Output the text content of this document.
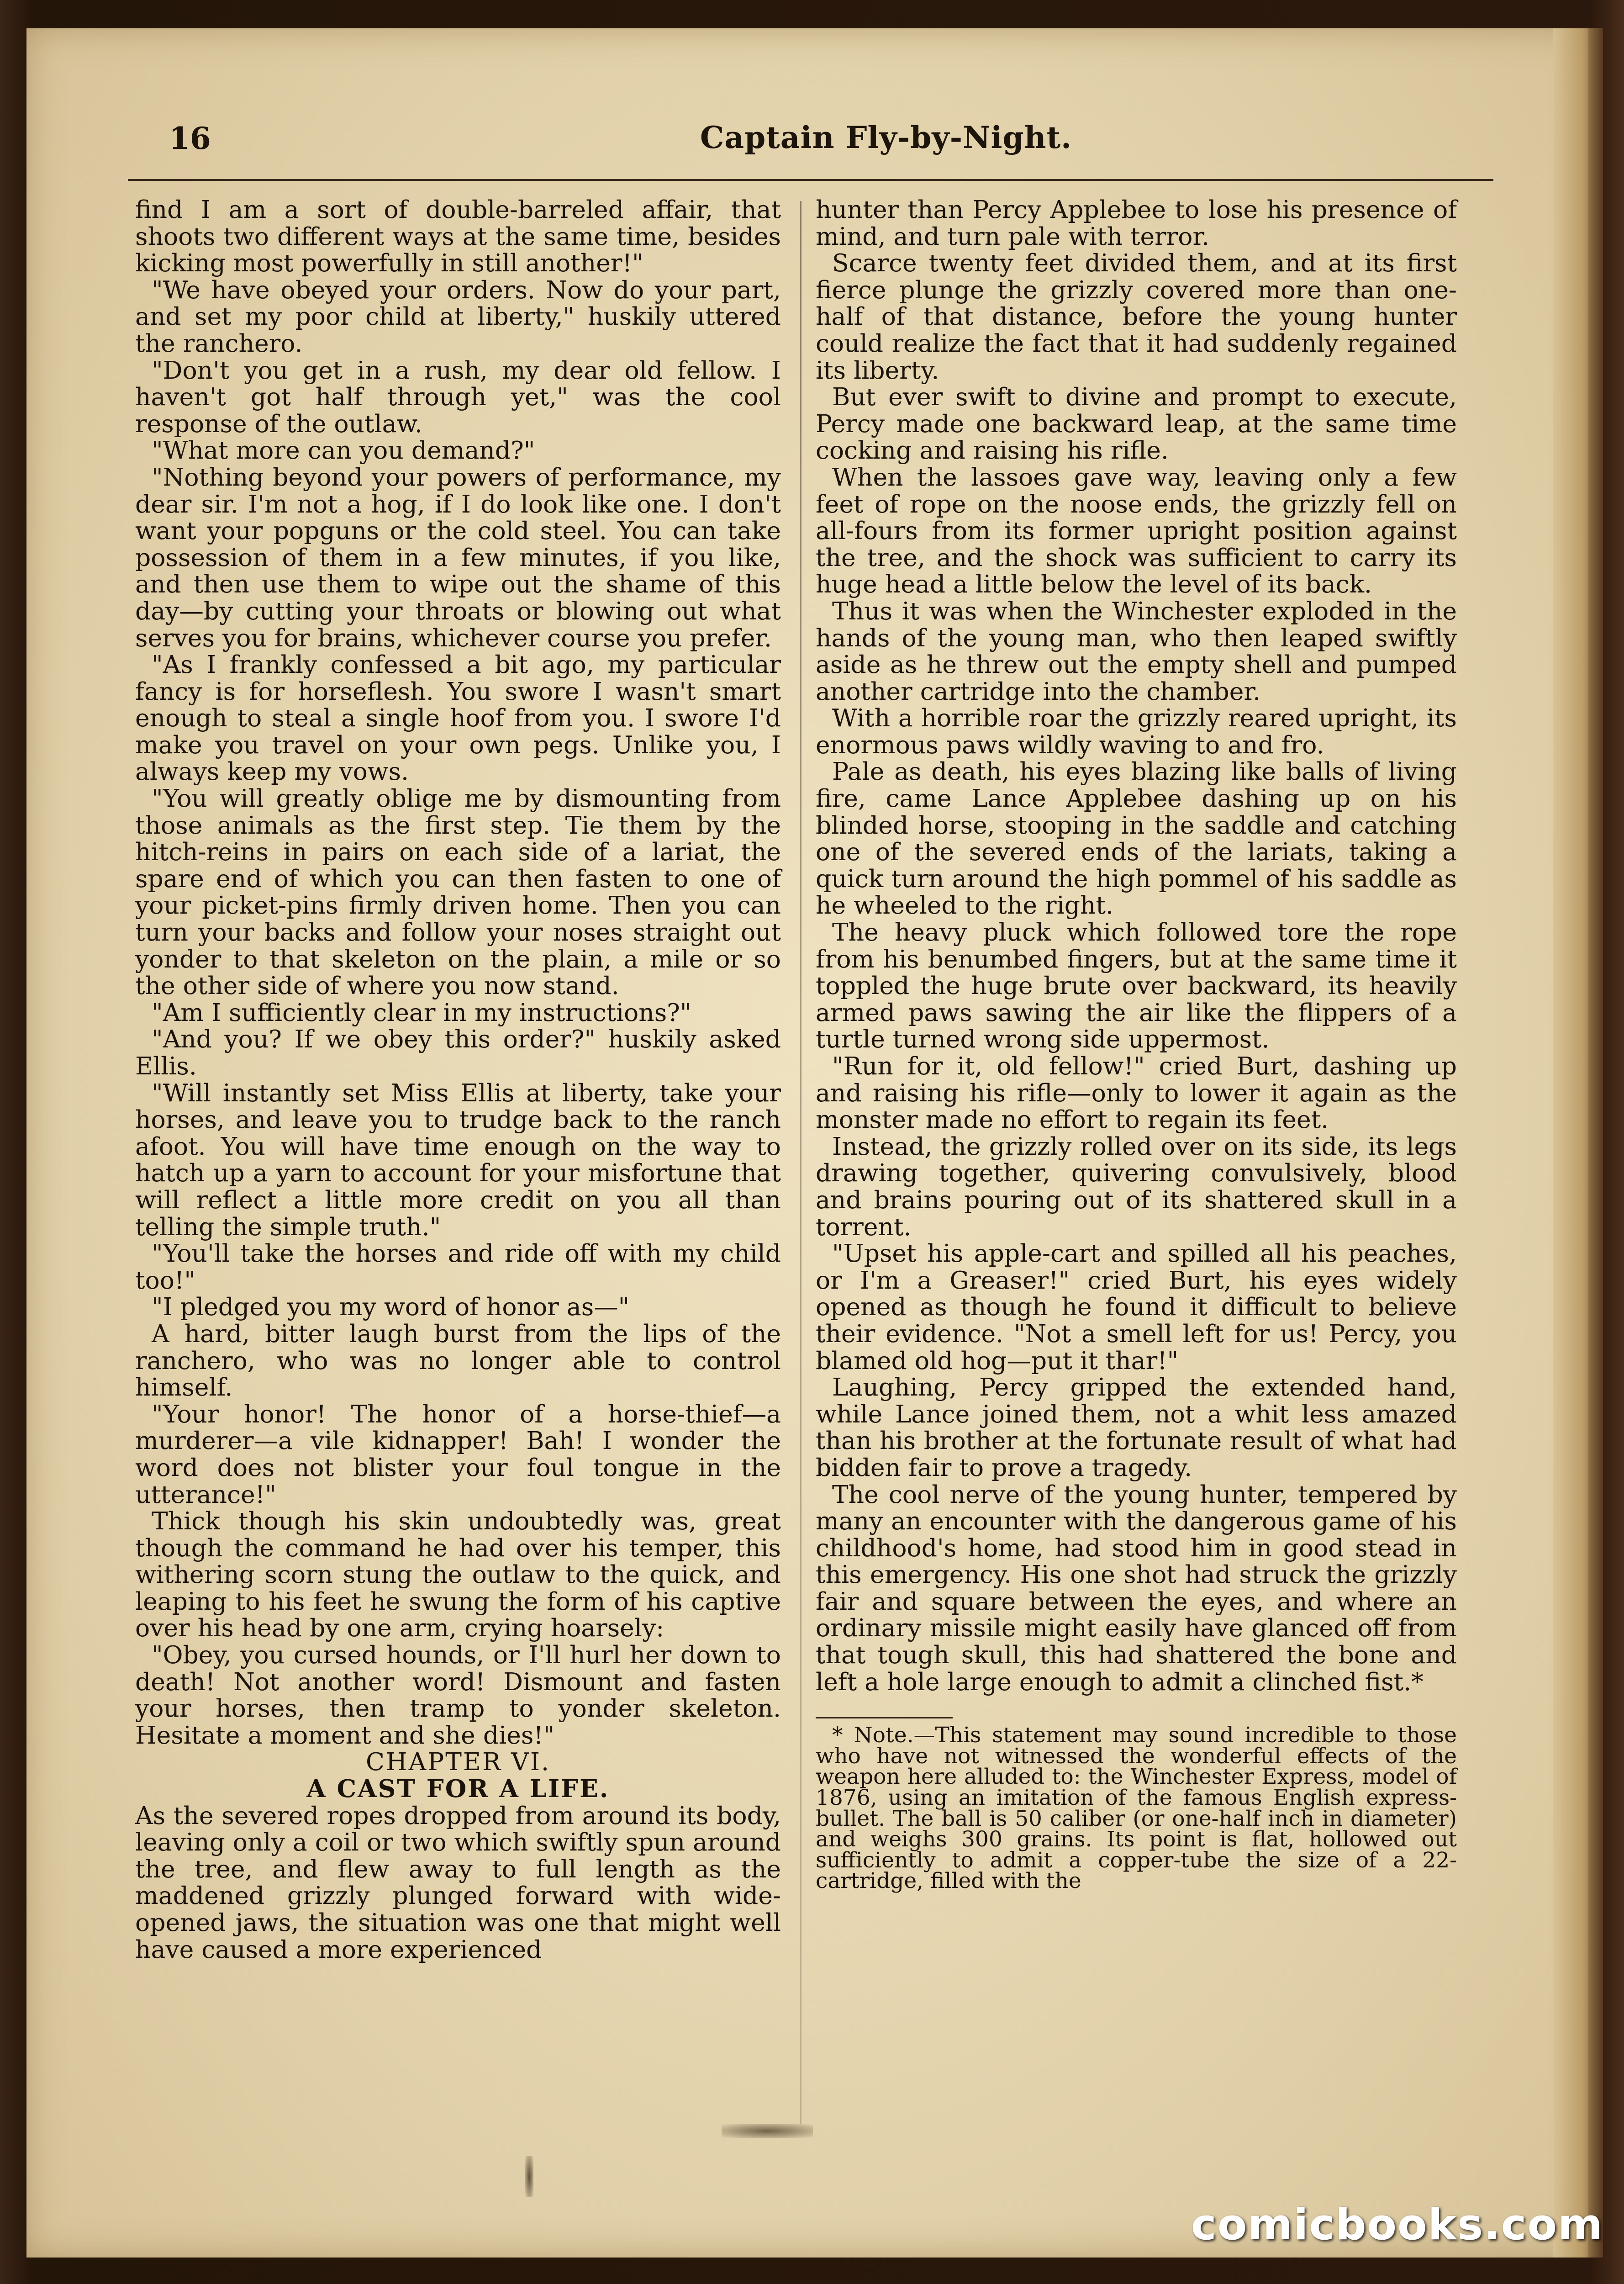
16	Captain Fly-by-Night.

find I am a sort of double-barreled affair, that shoots two different ways at the same time, besides kicking most powerfully in still another!"

"We have obeyed your orders. Now do your part, and set my poor child at liberty," huskily uttered the ranchero.

"Don't you get in a rush, my dear old fellow. I haven't got half through yet," was the cool response of the outlaw.

"What more can you demand?"

"Nothing beyond your powers of performance, my dear sir. I'm not a hog, if I do look like one. I don't want your popguns or the cold steel. You can take possession of them in a few minutes, if you like, and then use them to wipe out the shame of this day—by cutting your throats or blowing out what serves you for brains, whichever course you prefer.

"As I frankly confessed a bit ago, my particular fancy is for horseflesh. You swore I wasn't smart enough to steal a single hoof from you. I swore I'd make you travel on your own pegs. Unlike you, I always keep my vows.

"You will greatly oblige me by dismounting from those animals as the first step. Tie them by the hitch-reins in pairs on each side of a lariat, the spare end of which you can then fasten to one of your picket-pins firmly driven home. Then you can turn your backs and follow your noses straight out yonder to that skeleton on the plain, a mile or so the other side of where you now stand.

"Am I sufficiently clear in my instructions?"

"And you? If we obey this order?" huskily asked Ellis.

"Will instantly set Miss Ellis at liberty, take your horses, and leave you to trudge back to the ranch afoot. You will have time enough on the way to hatch up a yarn to account for your misfortune that will reflect a little more credit on you all than telling the simple truth."

"You'll take the horses and ride off with my child too!"

"I pledged you my word of honor as—"

A hard, bitter laugh burst from the lips of the ranchero, who was no longer able to control himself.

"Your honor! The honor of a horse-thief—a murderer—a vile kidnapper! Bah! I wonder the word does not blister your foul tongue in the utterance!"

Thick though his skin undoubtedly was, great though the command he had over his temper, this withering scorn stung the outlaw to the quick, and leaping to his feet he swung the form of his captive over his head by one arm, crying hoarsely:

"Obey, you cursed hounds, or I'll hurl her down to death! Not another word! Dismount and fasten your horses, then tramp to yonder skeleton. Hesitate a moment and she dies!"

CHAPTER VI.

A CAST FOR A LIFE.

As the severed ropes dropped from around its body, leaving only a coil or two which swiftly spun around the tree, and flew away to full length as the maddened grizzly plunged forward with wide-opened jaws, the situation was one that might well have caused a more experienced

hunter than Percy Applebee to lose his presence of mind, and turn pale with terror.

Scarce twenty feet divided them, and at its first fierce plunge the grizzly covered more than one-half of that distance, before the young hunter could realize the fact that it had suddenly regained its liberty.

But ever swift to divine and prompt to execute, Percy made one backward leap, at the same time cocking and raising his rifle.

When the lassoes gave way, leaving only a few feet of rope on the noose ends, the grizzly fell on all-fours from its former upright position against the tree, and the shock was sufficient to carry its huge head a little below the level of its back.

Thus it was when the Winchester exploded in the hands of the young man, who then leaped swiftly aside as he threw out the empty shell and pumped another cartridge into the chamber.

With a horrible roar the grizzly reared upright, its enormous paws wildly waving to and fro.

Pale as death, his eyes blazing like balls of living fire, came Lance Applebee dashing up on his blinded horse, stooping in the saddle and catching one of the severed ends of the lariats, taking a quick turn around the high pommel of his saddle as he wheeled to the right.

The heavy pluck which followed tore the rope from his benumbed fingers, but at the same time it toppled the huge brute over backward, its heavily armed paws sawing the air like the flippers of a turtle turned wrong side uppermost.

"Run for it, old fellow!" cried Burt, dashing up and raising his rifle—only to lower it again as the monster made no effort to regain its feet.

Instead, the grizzly rolled over on its side, its legs drawing together, quivering convulsively, blood and brains pouring out of its shattered skull in a torrent.

"Upset his apple-cart and spilled all his peaches, or I'm a Greaser!" cried Burt, his eyes widely opened as though he found it difficult to believe their evidence. "Not a smell left for us! Percy, you blamed old hog—put it thar!"

Laughing, Percy gripped the extended hand, while Lance joined them, not a whit less amazed than his brother at the fortunate result of what had bidden fair to prove a tragedy.

The cool nerve of the young hunter, tempered by many an encounter with the dangerous game of his childhood's home, had stood him in good stead in this emergency. His one shot had struck the grizzly fair and square between the eyes, and where an ordinary missile might easily have glanced off from that tough skull, this had shattered the bone and left a hole large enough to admit a clinched fist.*

* Note.—This statement may sound incredible to those who have not witnessed the wonderful effects of the weapon here alluded to: the Winchester Express, model of 1876, using an imitation of the famous English express-bullet. The ball is 50 caliber (or one-half inch in diameter) and weighs 300 grains. Its point is flat, hollowed out sufficiently to admit a copper-tube the size of a 22-cartridge, filled with the

comicbooks.com
